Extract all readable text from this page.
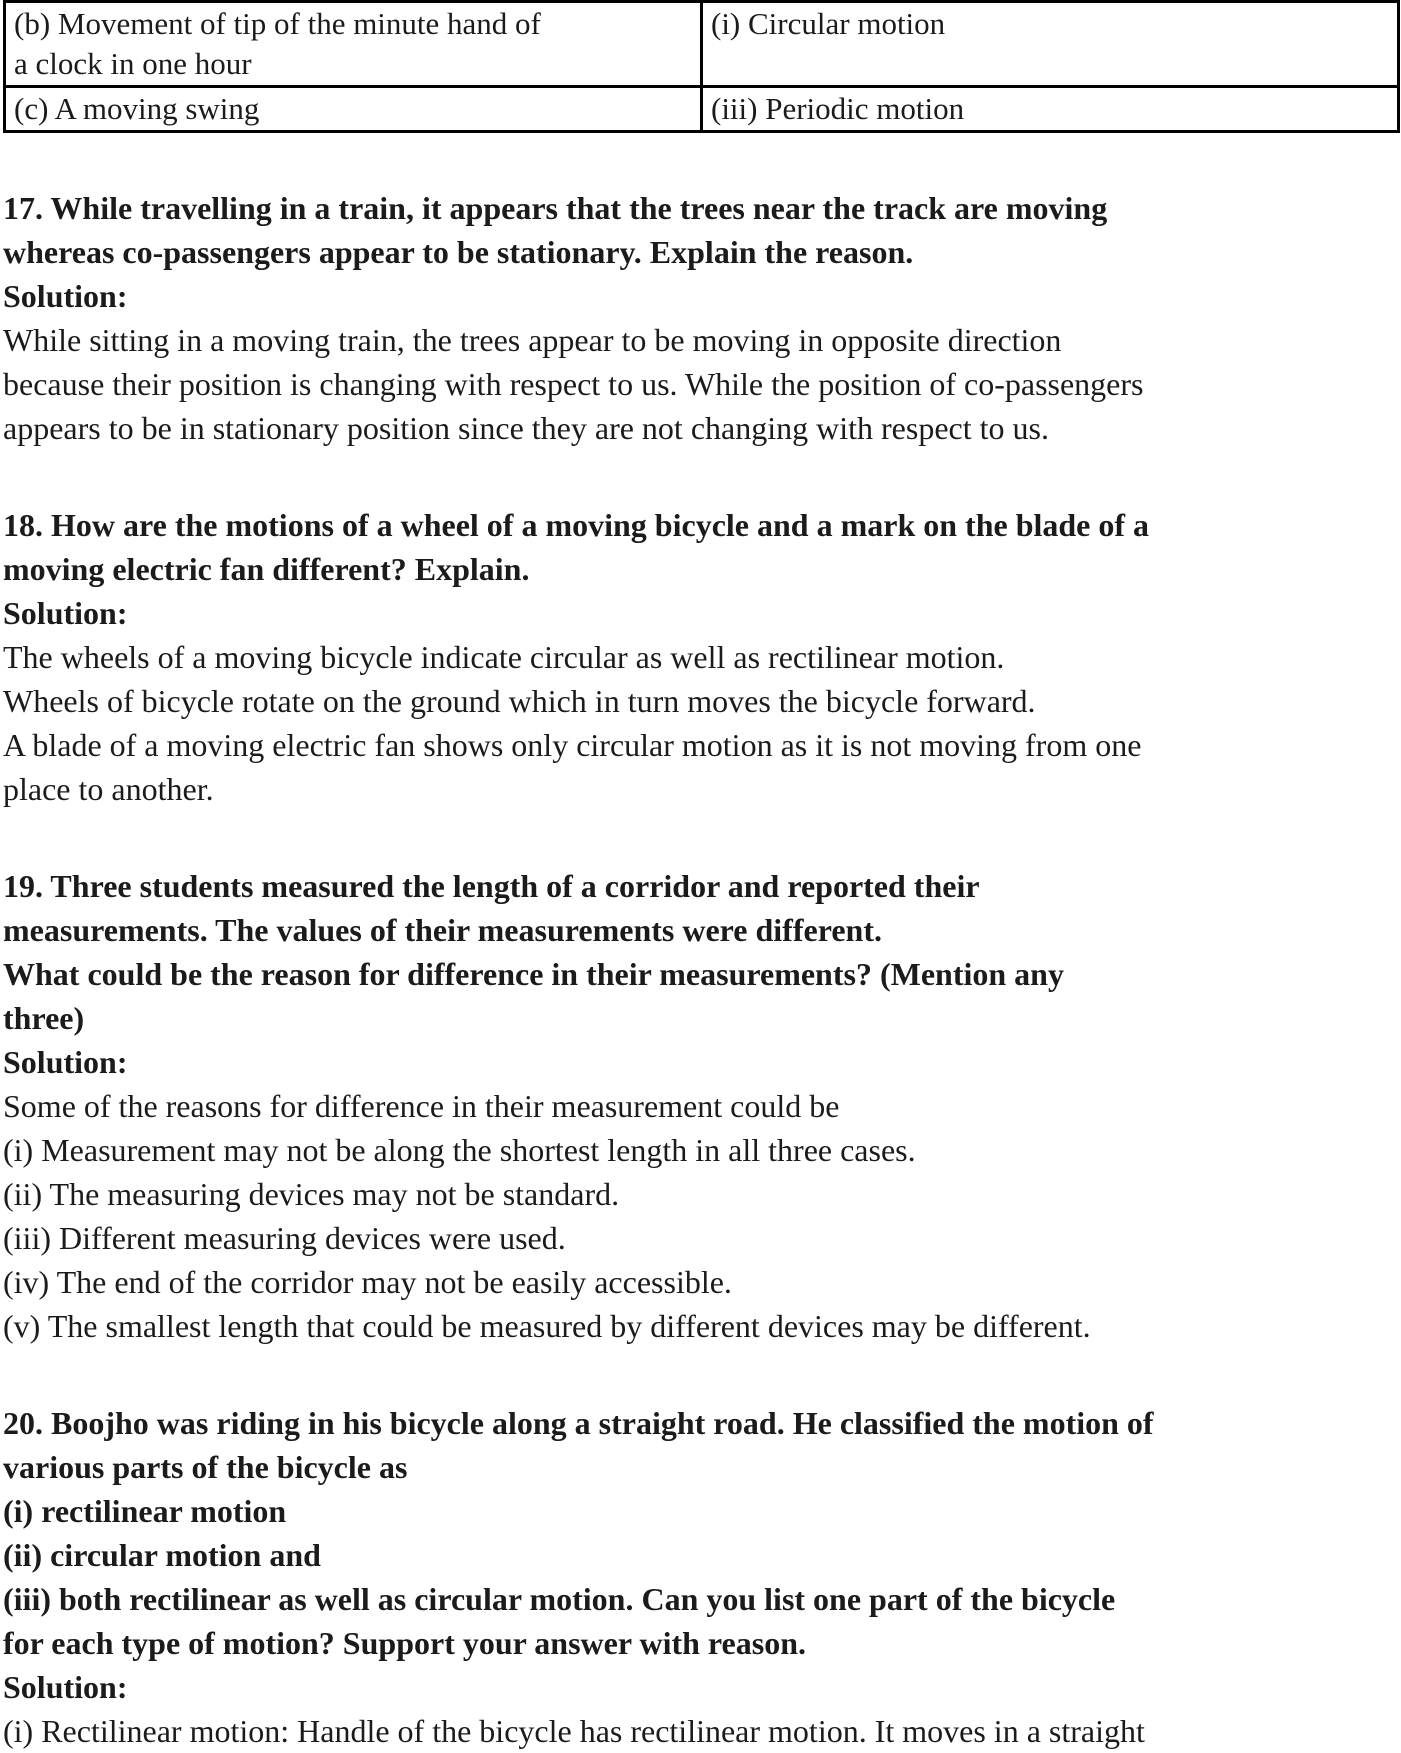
(b) Movement of tip of the minute hand of
a clock in one hour	(i) Circular motion

(c) A moving swing	(iii) Periodic motion
17. While travelling in a train, it appears that the trees near the track are moving
whereas co-passengers appear to be stationary. Explain the reason.
Solution:
While sitting in a moving train, the trees appear to be moving in opposite direction
because their position is changing with respect to us. While the position of co-passengers
appears to be in stationary position since they are not changing with respect to us.
18. How are the motions of a wheel of a moving bicycle and a mark on the blade of a
moving electric fan different? Explain.
Solution:
The wheels of a moving bicycle indicate circular as well as rectilinear motion.
Wheels of bicycle rotate on the ground which in turn moves the bicycle forward.
A blade of a moving electric fan shows only circular motion as it is not moving from one
place to another.
19. Three students measured the length of a corridor and reported their
measurements. The values of their measurements were different.
What could be the reason for difference in their measurements? (Mention any
three)
Solution:
Some of the reasons for difference in their measurement could be
(i) Measurement may not be along the shortest length in all three cases.
(ii) The measuring devices may not be standard.
(iii) Different measuring devices were used.
(iv) The end of the corridor may not be easily accessible.
(v) The smallest length that could be measured by different devices may be different.
20. Boojho was riding in his bicycle along a straight road. He classified the motion of
various parts of the bicycle as
(i) rectilinear motion
(ii) circular motion and
(iii) both rectilinear as well as circular motion. Can you list one part of the bicycle
for each type of motion? Support your answer with reason.
Solution:
(i) Rectilinear motion: Handle of the bicycle has rectilinear motion. It moves in a straight
